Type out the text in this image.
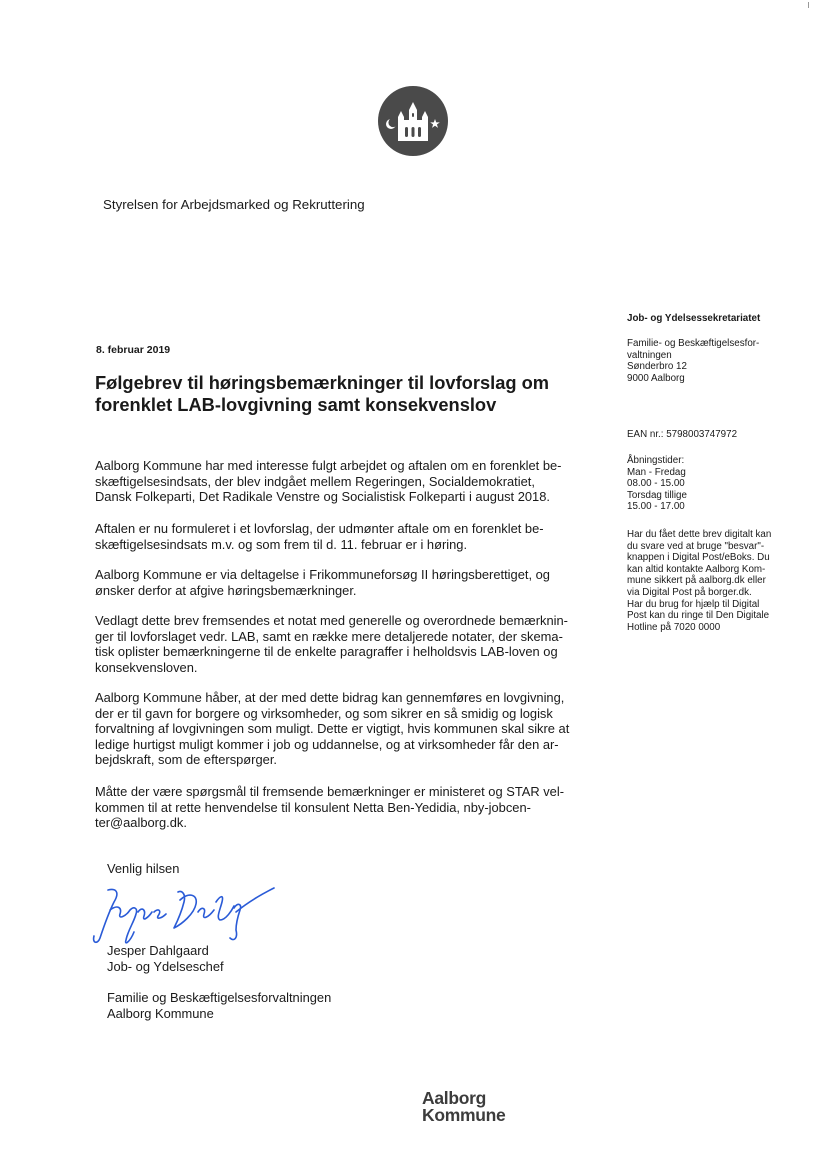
Styrelsen for Arbejdsmarked og Rekruttering
8. februar 2019
Følgebrev til høringsbemærkninger til lovforslag om
forenklet LAB-lovgivning samt konsekvenslov
Aalborg Kommune har med interesse fulgt arbejdet og aftalen om en forenklet be-
skæftigelsesindsats, der blev indgået mellem Regeringen, Socialdemokratiet,
Dansk Folkeparti, Det Radikale Venstre og Socialistisk Folkeparti i august 2018.
Aftalen er nu formuleret i et lovforslag, der udmønter aftale om en forenklet be-
skæftigelsesindsats m.v. og som frem til d. 11. februar er i høring.
Aalborg Kommune er via deltagelse i Frikommuneforsøg II høringsberettiget, og
ønsker derfor at afgive høringsbemærkninger.
Vedlagt dette brev fremsendes et notat med generelle og overordnede bemærknin-
ger til lovforslaget vedr. LAB, samt en række mere detaljerede notater, der skema-
tisk oplister bemærkningerne til de enkelte paragraffer i helholdsvis LAB-loven og
konsekvensloven.
Aalborg Kommune håber, at der med dette bidrag kan gennemføres en lovgivning,
der er til gavn for borgere og virksomheder, og som sikrer en så smidig og logisk
forvaltning af lovgivningen som muligt. Dette er vigtigt, hvis kommunen skal sikre at
ledige hurtigst muligt kommer i job og uddannelse, og at virksomheder får den ar-
bejdskraft, som de efterspørger.
Måtte der være spørgsmål til fremsende bemærkninger er ministeret og STAR vel-
kommen til at rette henvendelse til konsulent Netta Ben-Yedidia, nby-jobcen-
ter@aalborg.dk.
Job- og Ydelsessekretariatet
Familie- og Beskæftigelsesfor-
valtningen
Sønderbro 12
9000 Aalborg
EAN nr.: 5798003747972
Åbningstider:
Man - Fredag
08.00 - 15.00
Torsdag tillige
15.00 - 17.00
Har du fået dette brev digitalt kan
du svare ved at bruge "besvar"-
knappen i Digital Post/eBoks. Du
kan altid kontakte Aalborg Kom-
mune sikkert på aalborg.dk eller
via Digital Post på borger.dk.
Har du brug for hjælp til Digital
Post kan du ringe til Den Digitale
Hotline på 7020 0000
Venlig hilsen
Jesper Dahlgaard
Job- og Ydelseschef
Familie og Beskæftigelsesforvaltningen
Aalborg Kommune
Aalborg
Kommune
